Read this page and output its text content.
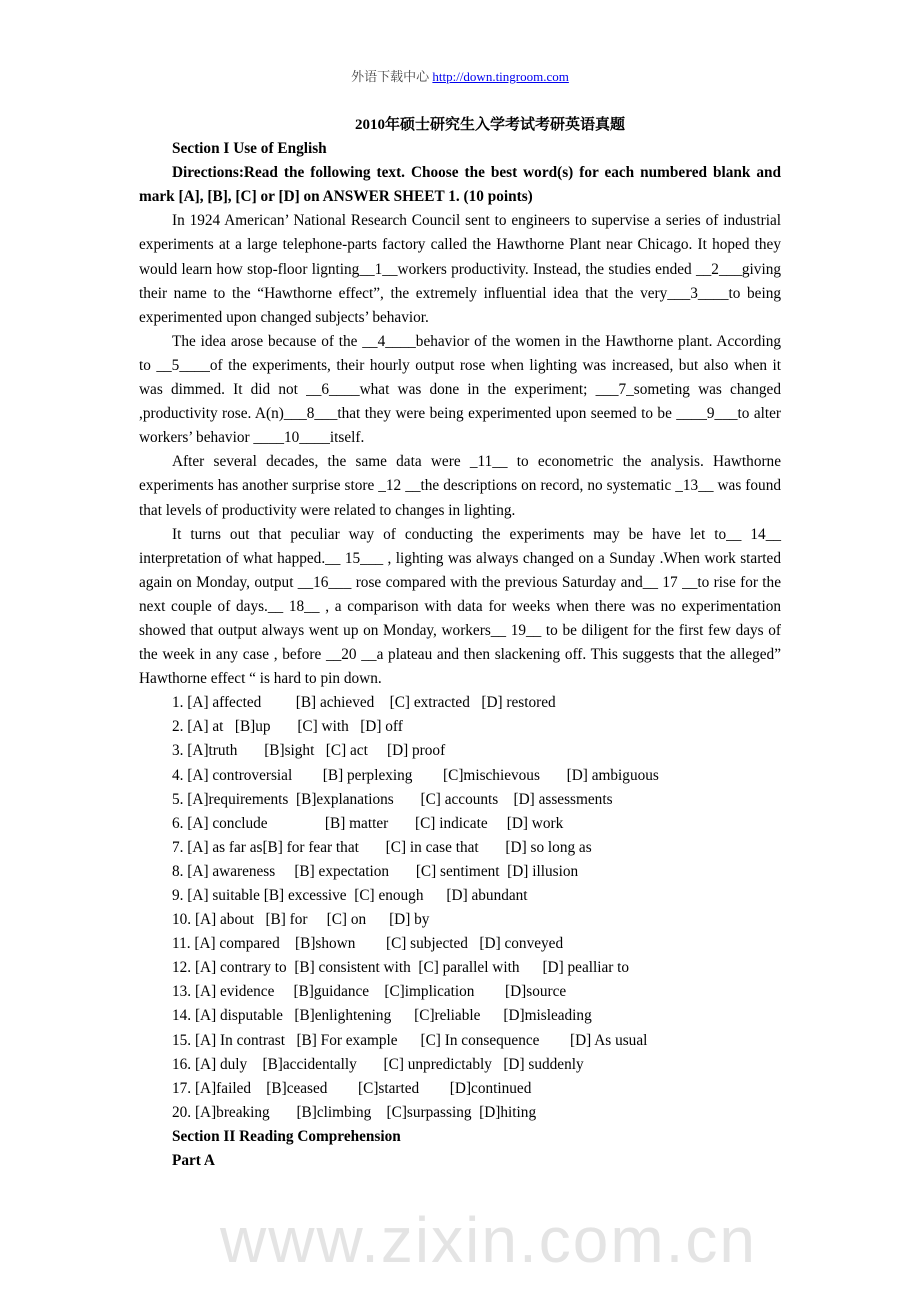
外语下载中心 http://down.tingroom.com
www.zixin.com.cn
2010年硕士研究生入学考试考研英语真题
Section I Use of English
Directions:Read the following text. Choose the best word(s) for each numbered blank and mark [A], [B], [C] or [D] on ANSWER SHEET 1. (10 points)
In 1924 American’ National Research Council sent to engineers to supervise a series of industrial experiments at a large telephone-parts factory called the Hawthorne Plant near Chicago. It hoped they would learn how stop-floor lignting__1__workers productivity. Instead, the studies ended __2___giving their name to the “Hawthorne effect”, the extremely influential idea that the very___3____to being experimented upon changed subjects’ behavior.
The idea arose because of the __4____behavior of the women in the Hawthorne plant. According to __5____of the experiments, their hourly output rose when lighting was increased, but also when it was dimmed. It did not __6____what was done in the experiment; ___7_someting was changed ,productivity rose. A(n)___8___that they were being experimented upon seemed to be ____9___to alter workers’ behavior ____10____itself.
After several decades, the same data were _11__ to econometric the analysis. Hawthorne experiments has another surprise store _12 __the descriptions on record, no systematic _13__ was found that levels of productivity were related to changes in lighting.
It turns out that peculiar way of conducting the experiments may be have let to__ 14__ interpretation of what happed.__ 15___ , lighting was always changed on a Sunday .When work started again on Monday, output __16___ rose compared with the previous Saturday and__ 17 __to rise for the next couple of days.__ 18__ , a comparison with data for weeks when there was no experimentation showed that output always went up on Monday, workers__ 19__ to be diligent for the first few days of the week in any case , before __20 __a plateau and then slackening off. This suggests that the alleged” Hawthorne effect “ is hard to pin down.
1. [A] affected         [B] achieved    [C] extracted   [D] restored
2. [A] at   [B]up       [C] with   [D] off
3. [A]truth       [B]sight   [C] act     [D] proof
4. [A] controversial        [B] perplexing        [C]mischievous       [D] ambiguous
5. [A]requirements  [B]explanations       [C] accounts    [D] assessments
6. [A] conclude               [B] matter       [C] indicate     [D] work
7. [A] as far as[B] for fear that       [C] in case that       [D] so long as
8. [A] awareness     [B] expectation       [C] sentiment  [D] illusion
9. [A] suitable [B] excessive  [C] enough      [D] abundant
10. [A] about   [B] for     [C] on      [D] by
11. [A] compared    [B]shown        [C] subjected   [D] conveyed
12. [A] contrary to  [B] consistent with  [C] parallel with      [D] pealliar to
13. [A] evidence     [B]guidance    [C]implication        [D]source
14. [A] disputable   [B]enlightening      [C]reliable      [D]misleading
15. [A] In contrast   [B] For example      [C] In consequence        [D] As usual
16. [A] duly    [B]accidentally       [C] unpredictably   [D] suddenly
17. [A]failed    [B]ceased        [C]started        [D]continued
20. [A]breaking       [B]climbing    [C]surpassing  [D]hiting
Section II Reading Comprehension
Part A
